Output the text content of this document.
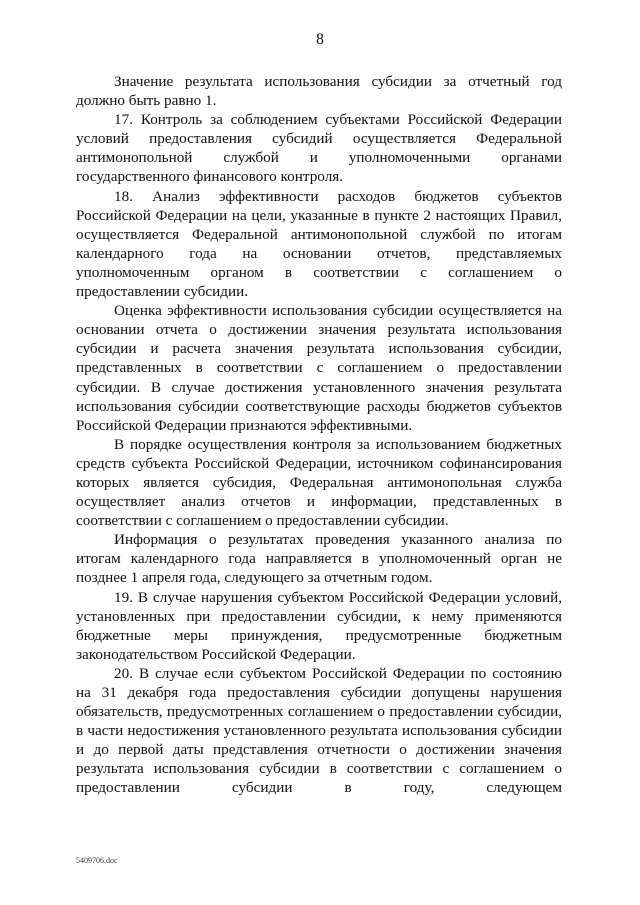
8

Значение результата использования субсидии за отчетный год должно быть равно 1.

17. Контроль за соблюдением субъектами Российской Федерации условий предоставления субсидий осуществляется Федеральной антимонопольной службой и уполномоченными органами государственного финансового контроля.

18. Анализ эффективности расходов бюджетов субъектов Российской Федерации на цели, указанные в пункте 2 настоящих Правил, осуществляется Федеральной антимонопольной службой по итогам календарного года на основании отчетов, представляемых уполномоченным органом в соответствии с соглашением о предоставлении субсидии.

Оценка эффективности использования субсидии осуществляется на основании отчета о достижении значения результата использования субсидии и расчета значения результата использования субсидии, представленных в соответствии с соглашением о предоставлении субсидии. В случае достижения установленного значения результата использования субсидии соответствующие расходы бюджетов субъектов Российской Федерации признаются эффективными.

В порядке осуществления контроля за использованием бюджетных средств субъекта Российской Федерации, источником софинансирования которых является субсидия, Федеральная антимонопольная служба осуществляет анализ отчетов и информации, представленных в соответствии с соглашением о предоставлении субсидии.

Информация о результатах проведения указанного анализа по итогам календарного года направляется в уполномоченный орган не позднее 1 апреля года, следующего за отчетным годом.

19. В случае нарушения субъектом Российской Федерации условий, установленных при предоставлении субсидии, к нему применяются бюджетные меры принуждения, предусмотренные бюджетным законодательством Российской Федерации.

20. В случае если субъектом Российской Федерации по состоянию на 31 декабря года предоставления субсидии допущены нарушения обязательств, предусмотренных соглашением о предоставлении субсидии, в части недостижения установленного результата использования субсидии и до первой даты представления отчетности о достижении значения результата использования субсидии в соответствии с соглашением о предоставлении субсидии в году, следующем

5409706.doc
